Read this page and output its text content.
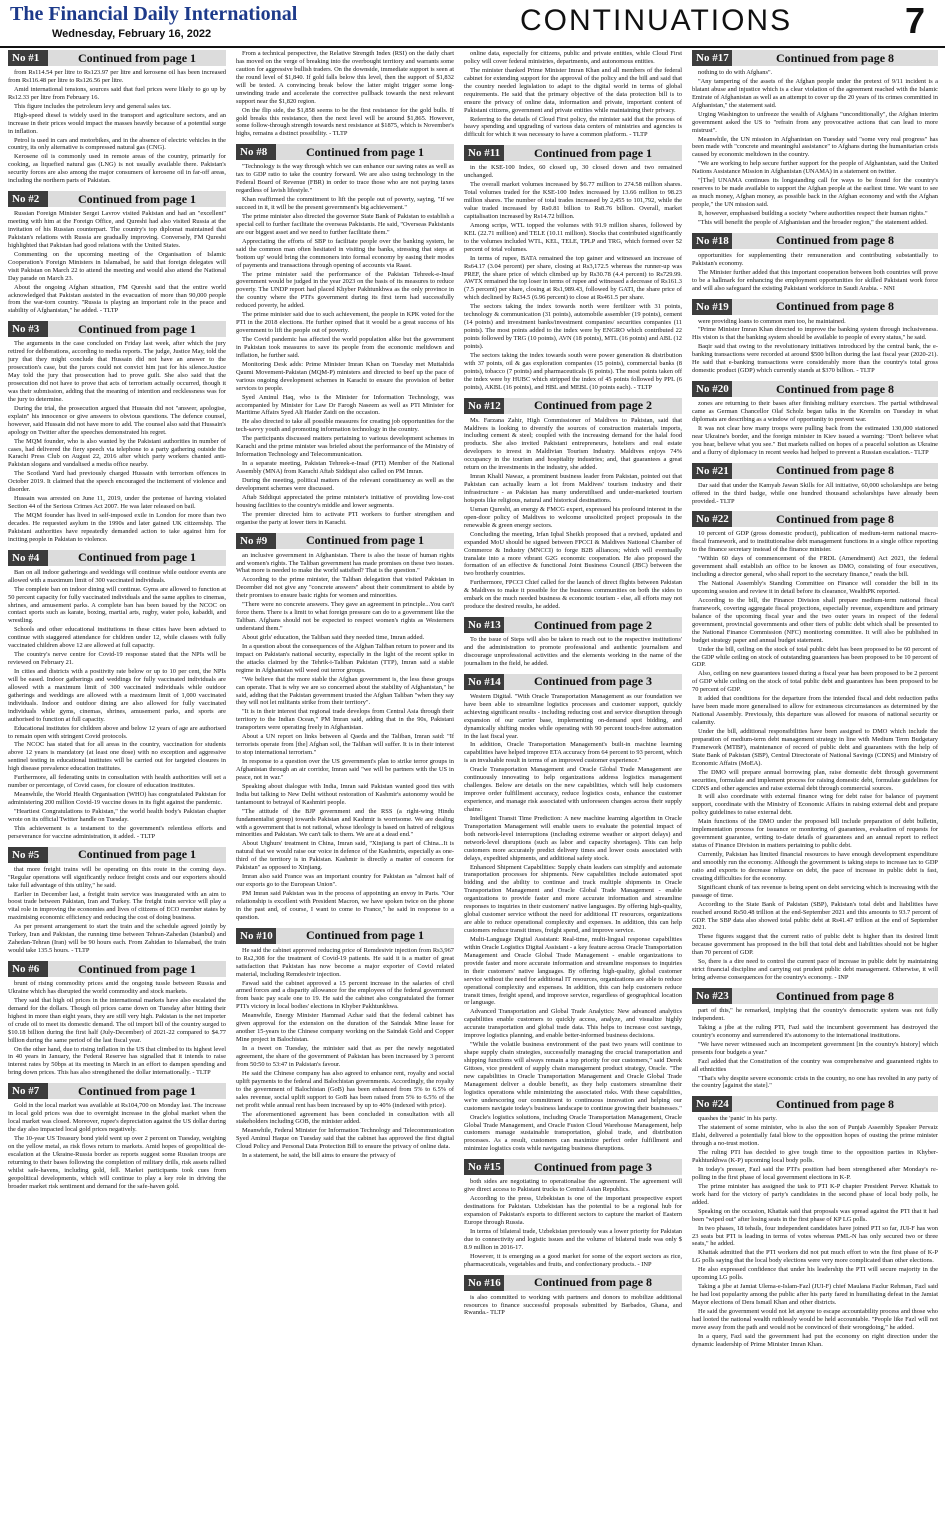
The Financial Daily International
Wednesday, February 16, 2022	CONTINUATIONS	7
No #1	Continued from page 1

from Rs114.54 per litre to Rs123.97 per litre and kerosene oil has been increased from Rs116.48 per litre to Rs126.56 per litre.

Amid international tensions, sources said that fuel prices were likely to go up by Rs12.33 per litre from February 16.

This figure includes the petroleum levy and general sales tax.

High-speed diesel is widely used in the transport and agriculture sectors, and an increase in their prices would impact the masses heavily because of a potential surge in inflation.

Petrol is used in cars and motorbikes, and in the absence of electric vehicles in the country, its only alternative is compressed natural gas (CNG).

Kerosene oil is commonly used in remote areas of the country, primarily for cooking, as liquefied natural gas (LNG) is not usually available there. Pakistan's security forces are also among the major consumers of kerosene oil in far-off areas, including the northern parts of Pakistan.

No #2	Continued from page 1

Russian Foreign Minister Sergei Lavrov visited Pakistan and had an "excellent" meeting with him at the Foreign Office, and Qureshi had also visited Russia at the invitation of his Russian counterpart. The country's top diplomat maintained that Pakistan's relations with Russia are gradually improving. Conversely, FM Qureshi highlighted that Pakistan had good relations with the United States.

Commenting on the upcoming meeting of the Organisation of Islamic Cooperation's Foreign Ministers in Islamabad, he said that foreign delegates will visit Pakistan on March 22 to attend the meeting and would also attend the National Day parade on March 23.

About the ongoing Afghan situation, FM Qureshi said that the entire world acknowledged that Pakistan assisted in the evacuation of more than 90,000 people from the war-torn country. "Russia is playing an important role in the peace and stability of Afghanistan," he added. - TLTP

No #3	Continued from page 1

The arguments in the case concluded on Friday last week, after which the jury retired for deliberations, according to media reports. The judge, Justice May, told the jury that they might conclude that Hussain did not have an answer to the prosecution's case, but the jurors could not convict him just for his silence.Justice May told the jury that prosecution had to prove guilt. She also said that the prosecution did not have to prove that acts of terrorism actually occurred, though it was their submission, adding that the meaning of intention and recklessness was for the jury to determine.

During the trial, the prosecution argued that Hussain did not "answer, apologise, explain" his innocence or give answers to obvious questions. The defence counsel, however, said Hussain did not have more to add. The counsel also said that Hussain's apology on Twitter after the speeches demonstrated his regret.

The MQM founder, who is also wanted by the Pakistani authorities in number of cases, had delivered the fiery speech via telephone to a party gathering outside the Karachi Press Club on August 22, 2016 after which party workers chanted anti-Pakistan slogans and vandalised a media office nearby.

The Scotland Yard had previously charged Hussain with terrorism offences in October 2019. It claimed that the speech encouraged the incitement of violence and disorder.

Hussain was arrested on June 11, 2019, under the pretense of having violated Section 44 of the Serious Crimes Act 2007. He was later released on bail.

The MQM founder has lived in self-imposed exile in London for more than two decades. He requested asylum in the 1990s and later gained UK citizenship. The Pakistani authorities have repeatedly demanded action to take against him for inciting people in Pakistan to violence.

No #4	Continued from page 1

Ban on all indoor gatherings and weddings will continue while outdoor events are allowed with a maximum limit of 300 vaccinated individuals.

The complete ban on indoor dining will continue. Gyms are allowed to function at 50 percent capacity for fully vaccinated individuals and the same applies to cinemas, shrines, and amusement parks. A complete ban has been issued by the NCOC on contact sports such as karate, boxing, martial arts, rugby, water polo, kabaddi, and wrestling.

Schools and other educational institutions in these cities have been advised to continue with staggered attendance for children under 12, while classes with fully vaccinated children above 12 are allowed at full capacity.

The country's nerve centre for Covid-19 response stated that the NPIs will be reviewed on February 21.

In cities and districts with a positivity rate below or up to 10 per cent, the NPIs will be eased. Indoor gatherings and weddings for fully vaccinated individuals are allowed with a maximum limit of 300 vaccinated individuals while outdoor gatherings and weddings are allowed with a maximum limit of 1,000 vaccinated individuals. Indoor and outdoor dining are also allowed for fully vaccinated individuals while gyms, cinemas, shrines, amusement parks, and sports are authorised to function at full capacity.

Educational institutes for children above and below 12 years of age are authorised to remain open with stringent Covid protocols.

The NCOC has stated that for all areas in the country, vaccination for students above 12 years is mandatory (at least one dose) with no exception and aggressive sentinel testing in educational institutes will be carried out for targeted closures in high disease prevalence education institutes.

Furthermore, all federating units in consultation with health authorities will set a number or percentage, of Covid cases, for closure of education institutes.

Meanwhile, the World Health Organisation (WHO) has congratulated Pakistan for administering 200 million Covid-19 vaccine doses in its fight against the pandemic.

"Heartiest Congratulations to Pakistan," the world health body's Pakistan chapter wrote on its official Twitter handle on Tuesday.

This achievement is a testament to the government's relentless efforts and perseverance for vaccine administration, it added. - TLTP

No #5	Continued from page 1

that more freight trains will be operating on this route in the coming days. "Regular operations will significantly reduce freight costs and our exporters should take full advantage of this utility," he said.

Earlier in December last, a freight train service was inaugurated with an aim to boost trade between Pakistan, Iran and Turkey. The freight train service will play a vital role in improving the economies and lives of citizens of ECO member states by maximising economic efficiency and reducing the cost of doing business.

As per present arrangement to start the train and the schedule agreed jointly by Turkey, Iran and Pakistan, the running time between Tehran-Zahedan (Istanbul) and Zahedan-Tehran (Iran) will be 90 hours each. From Zahidan to Islamabad, the train would take 135.5 hours. - TLTP

No #6	Continued from page 1

brunt of rising commodity prices amid the ongoing tussle between Russia and Ukraine which has disrupted the world commodity and stock markets.

They said that high oil prices in the international markets have also escalated the demand for the dollars. Though oil prices came down on Tuesday after hitting their highest in more than eight years, they are still very high. Pakistan is the net importer of crude oil to meet its domestic demand. The oil import bill of the country surged to $10.18 billion during the first half (July-December) of 2021-22 compared to $4.77 billion during the same period of the last fiscal year.

On the other hand, due to rising inflation in the US that climbed to its highest level in 40 years in January, the Federal Reserve has signalled that it intends to raise interest rates by 50bps at its meeting in March in an effort to dampen spending and bring down prices. This has also strengthened the dollar internationally. - TLTP

No #7	Continued from page 1

Gold in the local market was available at Rs104,700 on Monday last. The increase in local gold prices was due to overnight increase in the global market when the local market was closed. Moreover, rupee's depreciation against the US dollar during the day also impacted local gold prices negatively.

The 10-year US Treasury bond yield went up over 2 percent on Tuesday, weighing on the yellow metal, as risk flows return to markets. Amid hopes of geopolitical de-escalation at the Ukraine-Russia border as reports suggest some Russian troops are returning to their bases following the completion of military drills, risk assets rallied whilst safe-havens, including gold, fell. Market participants took cues from geopolitical developments, which will continue to play a key role in driving the broader market risk sentiment and demand for the safe-haven gold.

From a technical perspective, the Relative Strength Index (RSI) on the daily chart has moved on the verge of breaking into the overbought territory and warrants some caution for aggressive bullish traders. On the downside, immediate support is seen at the round level of $1,840. If gold falls below this level, then the support of $1,832 will be tested. A convincing break below the latter might trigger some long-unwinding trade and accelerate the corrective pullback towards the next relevant support near the $1,820 region.

On the flip side, the $1,858 seems to be the first resistance for the gold bulls. If gold breaks this resistance, then the next level will be around $1,865. However, some follow-through strength towards next resistance at $1875, which is November's highs, remains a distinct possibility. - TLTP

No #8	Continued from page 1

"Technology is the way through which we can enhance our saving rates as well as tax to GDP ratio to take the country forward. We are also using technology in the Federal Board of Revenue (FBR) in order to trace those who are not paying taxes regardless of lavish lifestyle."

Khan reaffirmed the commitment to lift the people out of poverty, saying, "If we succeed in it, it will be the present government's big achievement."

The prime minister also directed the governor State Bank of Pakistan to establish a special cell to further facilitate the overseas Pakistanis. He said, "Overseas Pakistanis are our biggest asset and we need to further facilitate them."

Appreciating the efforts of SBP to facilitate people over the banking system, he said the common man often hesitated in visiting the banks, stressing that steps at 'bottom up' would bring the commoners into formal economy by easing their modes of payments and transactions through opening of accounts via Raast.

The prime minister said the performance of the Pakistan Tehreek-e-Insaf government would be judged in the year 2023 on the basis of its measures to reduce poverty. The UNDP report had placed Khyber Pakhtunkhwa as the only province in the country where the PTI's government during its first term had successfully reduced poverty, he added.

The prime minister said due to such achievement, the people in KPK voted for the PTI in the 2018 elections. He further opined that it would be a great success of his government to lift the people out of poverty.

The Covid pandemic has affected the world population alike but the government in Pakistan took measures to save its people from the economic meltdown and inflation, he further said.

Monitoring Desk adds: Prime Minister Imran Khan on Tuesday met Muttahida Qaumi Movement-Pakistan (MQM-P) ministers and directed to beef up the pace of various ongoing development schemes in Karachi to ensure the provision of better services to people.

Syed Aminul Haq, who is the Minister for Information Technology, was accompanied by Minister for Law Dr Farogh Naseem as well as PTI Minister for Maritime Affairs Syed Ali Haider Zaidi on the occasion.

He also directed to take all possible measures for creating job opportunities for the tech-savvy youth and promoting information technology in the country.

The participants discussed matters pertaining to various development schemes in Karachi and the prime minister was briefed about the performance of the Ministry of Information Technology and Telecommunication.

In a separate meeting, Pakistan Tehreek-e-Insaf (PTI) Member of the National Assembly (MNA) from Karachi Aftab Siddiqui also called on PM Imran.

During the meeting, political matters of the relevant constituency as well as the development schemes were discussed.

Aftab Siddiqui appreciated the prime minister's initiative of providing low-cost housing facilities to the country's middle and lower segments.

The premier directed him to activate PTI workers to further strengthen and organise the party at lower tiers in Karachi.

No #9	Continued from page 1

an inclusive government in Afghanistan. There is also the issue of human rights and women's rights. The Taliban government has made promises on these two issues. What more is needed to make the world satisfied? That is the question."

According to the prime minister, the Taliban delegation that visited Pakistan in December did not give any "concrete answers" about their commitment to abide by their promises to ensure basic rights for women and minorities.

"There were no concrete answers. They gave an agreement in principle...You can't force them. There is a limit to what foreign pressure can do to a government like the Taliban. Afghans should not be expected to respect women's rights as Westerners understand them."

About girls' education, the Taliban said they needed time, Imran added.

In a question about the consequences of the Afghan Taliban return to power and its impact on Pakistan's national security, especially in the light of the recent spike in the attacks claimed by the Tehrik-i-Taliban Pakistan (TTP), Imran said a stable regime in Afghanistan will weed out terror groups.

"We believe that the more stable the Afghan government is, the less these groups can operate. That is why we are so concerned about the stability of Afghanistan," he said, adding that the Pakistan government trusted the Afghan Taliban "when they say they will not let militants strike from their territory".

"It is in their interest that regional trade develops from Central Asia through their territory to the Indian Ocean," PM Imran said, adding that in the 90s, Pakistani transporters were operating freely in Afghanistan.

About a UN report on links between al Qaeda and the Taliban, Imran said: "If terrorists operate from [the] Afghan soil, the Taliban will suffer. It is in their interest to stop international terrorism."

In response to a question over the US government's plan to strike terror groups in Afghanistan through an air corridor, Imran said "we will be partners with the US in peace, not in war."

Speaking about dialogue with India, Imran said Pakistan wanted good ties with India but talking to New Delhi without restoration of Kashmir's autonomy would be tantamount to betrayal of Kashmiri people.

"The attitude of the BJP government and the RSS (a right-wing Hindu fundamentalist group) towards Pakistan and Kashmir is worrisome. We are dealing with a government that is not rational, whose ideology is based on hatred of religious minorities and Pakistan. We can't talk to them. We are at a dead end."

About Uighurs' treatment in China, Imran said, "Xinjiang is part of China...It is natural that we would raise our voice in defence of the Kashmiris, especially as one-third of the territory is in Pakistan. Kashmir is directly a matter of concern for Pakistan" as opposed to Xinjiang.

Imran also said France was an important country for Pakistan as "almost half of our exports go to the European Union".

PM Imran said Pakistan was in the process of appointing an envoy in Paris. "Our relationship is excellent with President Macron, we have spoken twice on the phone in the past and, of course, I want to come to France," he said in response to a question.

No #10	Continued from page 1

He said the cabinet approved reducing price of Remdesivir injection from Rs3,967 to Rs2,308 for the treatment of Covid-19 patients. He said it is a matter of great satisfaction that Pakistan has now become a major exporter of Covid related material, including Remdesivir injection.

Fawad said the cabinet approved a 15 percent increase in the salaries of civil armed forces and a disparity allowance for the employees of the federal government from basic pay scale one to 19. He said the cabinet also congratulated the former PTI's victory in local bodies' elections in Khyber Pakhtunkhwa.

Meanwhile, Energy Minister Hammad Azhar said that the federal cabinet has given approval for the extension on the duration of the Saindak Mine lease for another 15-years to the Chinese company working on the Saindak Gold and Copper Mine project in Balochistan.

In a tweet on Tuesday, the minister said that as per the newly negotiated agreement, the share of the government of Pakistan has been increased by 3 percent from 50:50 to 53:47 in Pakistan's favour.

He said the Chinese company has also agreed to enhance rent, royalty and social uplift payments to the federal and Balochistan governments. Accordingly, the royalty to the government of Balochistan (GoB) has been enhanced from 5% to 6.5% of sales revenue, social uplift support to GoB has been raised from 5% to 6.5% of the net profit while annual rent has been increased by up to 40% (indexed with price).

The aforementioned agreement has been concluded in consultation with all stakeholders including GOB, the minister added.

Meanwhile, Federal Minister for Information Technology and Telecommunication Syed Aminul Haque on Tuesday said that the cabinet has approved the first digital Cloud Policy and Personal Data Protection Bill to ensure the privacy of online data.

In a statement, he said, the bill aims to ensure the privacy of

online data, especially for citizens, public and private entities, while Cloud First policy will cover federal ministries, departments, and autonomous entities.

The minister thanked Prime Minister Imran Khan and all members of the federal cabinet for extending support for the approval of the policy and the bill and said that the country needed legislation to adapt to the digital world in terms of global requirements. He said that the primary objective of the data protection bill is to ensure the privacy of online data, information and private, important content of Pakistani citizens, government and private entities while maintaining their privacy.

Referring to the details of Cloud First policy, the minister said that the process of heavy spending and upgrading of various data centers of ministries and agencies is difficult for which it was necessary to have a common platform. - TLTP

No #11	Continued from page 1

in the KSE-100 Index, 60 closed up, 30 closed down and two remained unchanged.

The overall market volumes increased by $6.77 million to 274.58 million shares. Total volumes traded for the KSE-100 Index increased by 13.66 million to 98.23 million shares. The number of total trades increased by 2,455 to 101,792, while the value traded increased by Rs0.81 billion to Rs8.76 billion. Overall, market capitalisation increased by Rs14.72 billion.

Among scrips, WTL topped the volumes with 91.9 million shares, followed by KEL (22.71 million) and TELE (10.11 million). Stocks that contributed significantly to the volumes included WTL, KEL, TELE, TPLP and TRG, which formed over 52 percent of total volumes.

In terms of rupee, BATA remained the top gainer and witnessed an increase of Rs64.17 (3.04 percent) per share, closing at Rs3,172.5 whereas the runner-up was PREF, the share price of which climbed up by Rs30.78 (4.4 percent) to Rs729.99. AWTX remained the top loser in terms of rupee and witnessed a decrease of Rs161.3 (7.5 percent) per share, closing at Rs1,989.43, followed by GATI, the share price of which declined by Rs34.5 (6.96 percent) to close at Rs461.5 per share.

The sectors taking the index towards north were fertilizer with 31 points, technology & communication (31 points), automobile assembler (19 points), cement (14 points) and investment banks/investment companies/ securities companies (11 points). The most points added to the index were by ENGRO which contributed 22 points followed by TRG (10 points), AVN (18 points), MTL (16 points) and ABL (12 points).

The sectors taking the index towards south were power generation & distribution with 37 points, oil & gas exploration companies (15 points), commercial banks (8 points), tobacco (7 points) and pharmaceuticals (6 points). The most points taken off the index were by HUBC which stripped the index of 45 points followed by PPL (6 points), AKBL (16 points), and HBL and MEBL (10 points each). - TLTP

No #12	Continued from page 2

Ms. Farzana Zahir, High Commissioner of Maldives to Pakistan, said that Maldives is looking to diversify the sources of construction materials imports, including cement & steel; coupled with the increasing demand for the halal food products. She also invited Pakistani entrepreneurs, hoteliers and real estate developers to invest in Maldivian Tourism Industry. Maldives enjoys 74% occupancy in the tourism and hospitality industries; and, that guarantees a great return on the investments in the industry, she added.

Imran Khalil Nawaz, a prominent business leader from Pakistan, pointed out that Pakistan can actually learn a lot from Maldives' tourism industry and their infrastructure - as Pakistan has many underutilised and under-marketed tourism hotspots like religious, natural and historical destinations.

Usman Qureshi, an energy & FMCG expert, expressed his profound interest in the open-door policy of Maldives to welcome unsolicited project proposals in the renewable & green energy sectors.

Concluding the meeting, Irfan Iqbal Sheikh proposed that a revised, updated and expanded MoU should be signed between FPCCI & Maldives National Chamber of Commerce & Industry (MNCCI) to forge B2B alliances; which will eventually translate into a more vibrant G2G economic cooperation. He also proposed the formation of an effective & functional Joint Business Council (JBC) between the two brotherly countries.

Furthermore, FPCCI Chief called for the launch of direct flights between Pakistan & Maldives to make it possible for the business communities on both the sides to embark on the much needed business & economic tourism - else, all efforts may not produce the desired results, he added.

No #13	Continued from page 2

To the issue of Steps will also be taken to reach out to the respective institutions' and the administration to promote professional and authentic journalism and discourage unprofessional activities and the elements working in the name of the journalism in the field, he added.

No #14	Continued from page 3

Western Digital. "With Oracle Transportation Management as our foundation we have been able to streamline logistics processes and customer support, quickly achieving significant results - including reducing cost and service disruption through expansion of our carrier base, implementing on-demand spot bidding, and dynamically shifting modes while operating with 90 percent touch-free automation in the last fiscal year.

In addition, Oracle Transportation Management's built-in machine learning capabilities have helped improve ETA accuracy from 64 percent to 93 percent, which is an invaluable result in terms of an improved customer experience."

Oracle Transportation Management and Oracle Global Trade Management are continuously innovating to help organizations address logistics management challenges. Below are details on the new capabilities, which will help customers improve order fulfillment accuracy, reduce logistics costs, enhance the customer experience, and manage risk associated with unforeseen changes across their supply chains:

Intelligent Transit Time Prediction: A new machine learning algorithm in Oracle Transportation Management will enable users to evaluate the potential impact of both network-level interruptions (including extreme weather or airport delays) and network-level disruptions (such as labor and capacity shortages). This can help customers more accurately predict delivery times and lower costs associated with delays, expedited shipments, and additional safety stock.

Enhanced Shipment Capabilities: Supply chain leaders can simplify and automate transportation processes for shipments. New capabilities include automated spot bidding and the ability to continue and track multiple shipments in Oracle Transportation Management and Oracle Global Trade Management - enable organizations to provide faster and more accurate information and streamline responses to inquiries in their customers' native languages. By offering high-quality, global customer service without the need for additional IT resources, organizations are able to reduce operational complexity and expenses. In addition, this can help customers reduce transit times, freight spend, and improve service.

Multi-Language Digital Assistant: Real-time, multi-lingual response capabilities within Oracle Logistics Digital Assistant - a key feature across Oracle Transportation Management and Oracle Global Trade Management - enable organizations to provide faster and more accurate information and streamline responses to inquiries in their customers' native languages. By offering high-quality, global customer service without the need for additional IT resources, organizations are able to reduce operational complexity and expenses. In addition, this can help customers reduce transit times, freight spend, and improve service, regardless of geographical location or language.

Advanced Transportation and Global Trade Analytics: New advanced analytics capabilities enable customers to quickly access, analyze, and visualize highly accurate transportation and global trade data. This helps to increase cost savings, improve logistics planning, and enable better-informed business decisions.

"While the volatile business environment of the past two years will continue to shape supply chain strategies, successfully managing the crucial transportation and shipping functions will always remain a top priority for our customers," said Derek Gittoes, vice president of supply chain management product strategy, Oracle. "The new capabilities in Oracle Transportation Management and Oracle Global Trade Management deliver a double benefit, as they help customers streamline their logistics operations while minimizing the associated risks. With these capabilities, we're underscoring our commitment to continuous innovation and helping our customers navigate today's business landscape to continue growing their businesses."

Oracle's logistics solutions, including Oracle Transportation Management, Oracle Global Trade Management, and Oracle Fusion Cloud Warehouse Management, help customers manage sustainable transportation, global trade, and distribution processes. As a result, customers can maximize perfect order fulfillment and minimize logistics costs while navigating business disruptions.

No #15	Continued from page 3

both sides are negotiating to operationalise the agreement. The agreement will give direct access to Pakistani trucks to Central Asian Republics.

According to the press, Uzbekistan is one of the important prospective export destinations for Pakistan. Uzbekistan has the potential to be a regional hub for expansion of Pakistan's exports to different sectors to capture the market of Eastern Europe through Russia.

In terms of bilateral trade, Uzbekistan previously was a lower priority for Pakistan due to connectivity and logistic issues and the volume of bilateral trade was only $ 8.9 million in 2016-17.

However, it is emerging as a good market for some of the export sectors as rice, pharmaceuticals, vegetables and fruits, and confectionary products. - INP

No #16	Continued from page 8

is also committed to working with partners and donors to mobilize additional resources to finance successful proposals submitted by Barbados, Ghana, and Rwanda.- TLTP

No #17	Continued from page 8

nothing to do with Afghans".

"Any tampering of the assets of the Afghan people under the pretext of 9/11 incident is a blatant abuse and injustice which is a clear violation of the agreement reached with the Islamic Emirate of Afghanistan as well as an attempt to cover up the 20 years of its crimes committed in Afghanistan," the statement said.

Urging Washington to unfreeze the wealth of Afghans "unconditionally", the Afghan interim government asked the US to "refrain from any provocative actions that can lead to more mistrust".

Meanwhile, the UN mission in Afghanistan on Tuesday said "some very real progress" has been made with "concrete and meaningful assistance" to Afghans during the humanitarian crisis caused by economic meltdown in the country.

"We are working to help secure further support for the people of Afghanistan, said the United Nations Assistance Mission in Afghanistan (UNAMA) in a statement on twitter.

"[The] UNAMA continues its longstanding call for ways to be found for the country's reserves to be made available to support the Afghan people at the earliest time. We want to see as much money, Afghan money, as possible back in the Afghan economy and with the Afghan people," the UN mission said.

It, however, emphasised building a society "where authorities respect their human rights."

"This will benefit the people of Afghanistan and the broader region," the statement added.

No #18	Continued from page 8

opportunities for supplementing their remuneration and contributing substantially to Pakistan's economy.

The Minister further added that this important cooperation between both countries will prove to be a hallmark for enhancing the employment opportunities for skilled Pakistani work force and will also safeguard the existing Pakistani workforce in Saudi Arabia. - NNI

No #19	Continued from page 8

were providing loans to common men too, he maintained.

"Prime Minister Imran Khan directed to improve the banking system through inclusiveness. His vision is that the banking system should be available to people of every status," he said.

Baqir said that owing to the revolutionary initiatives introduced by the central bank, the e-banking transactions were recorded at around $500 billion during the last fiscal year (2020-21). He said that e-banking transactions were considerably more than the country's total gross domestic product (GDP) which currently stands at $370 billion. - TLTP

No #20	Continued from page 8

zones are returning to their bases after finishing military exercises. The partial withdrawal came as German Chancellor Olaf Scholz began talks in the Kremlin on Tuesday in what diplomats are describing as a window of opportunity to prevent war.

It was not clear how many troops were pulling back from the estimated 130,000 stationed near Ukraine's border, and the foreign minister in Kiev issued a warning: "Don't believe what you hear, believe what you see." But markets rallied on hopes of a peaceful solution as Ukraine and a flurry of diplomacy in recent weeks had helped to prevent a Russian escalation.- TLTP

No #21	Continued from page 8

Dar said that under the Kamyab Jawan Skills for All initiative, 60,000 scholarships are being offered in the third badge, while one hundred thousand scholarships have already been provided.- TLTP

No #22	Continued from page 8

10 percent of GDP (gross domestic product), publication of medium-term national macro-fiscal framework, and to institutionalise debt management functions in a single office reporting to the finance secretary instead of the finance minister.

"Within 60 days of commencement of the FRDL (Amendment) Act 2021, the federal government shall establish an office to be known as DMO, consisting of four executives, including a director general, who shall report to the secretary finance," reads the bill.

The National Assembly's Standing Committee on Finance will consider the bill in its upcoming session and review it in detail before its clearance, WealthPK reported.

According to the bill, the Finance Division shall prepare medium-term national fiscal framework, covering aggregate fiscal projections, especially revenue, expenditure and primary balance of the upcoming fiscal year and the two outer years in respect of the federal government, provincial governments and other tiers of public debt which shall be presented to the National Finance Commission (NFC) monitoring committee. It will also be published in budget strategy paper and annual budget statement.

Under the bill, ceiling on the stock of total public debt has been proposed to be 60 percent of the GDP while ceiling on stock of outstanding guarantees has been proposed to be 10 percent of GDP.

Also, ceiling on new guarantees issued during a fiscal year has been proposed to be 2 percent of GDP while ceiling on the stock of total public debt and guarantees has been proposed to be 70 percent of GDP.

It added that conditions for the departure from the intended fiscal and debt reduction paths have been made more generalised to allow for extraneous circumstances as determined by the National Assembly. Previously, this departure was allowed for reasons of national security or calamity.

Under the bill, additional responsibilities have been assigned to DMO which include the preparation of medium-term debt management strategy in line with Medium Term Budgetary Framework (MTBF), maintenance of record of public debt and guarantees with the help of State Bank of Pakistan (SBP), Central Directorate of National Savings (CDNS) and Ministry of Economic Affairs (MoEA).

The DMO will prepare annual borrowing plan, raise domestic debt through government securities, formulate and implement process for raising domestic debt, formulate guidelines for CDNS and other agencies and raise external debt through commercial sources.

It will also coordinate with external finance wing for debt raise for balance of payment support, coordinate with the Ministry of Economic Affairs in raising external debt and prepare policy guidelines to raise external debt.

Main functions of the DMO under the proposed bill include preparation of debt bulletin, implementation process for issuance or monitoring of guarantees, evaluation of requests for government guarantee, writing to-date details of guarantees and an annual report to reflect status of Finance Division in matters pertaining to public debt.

Currently, Pakistan has limited financial resources to have enough development expenditure and smoothly run the economy. Although the government is taking steps to increase tax to GDP ratio and exports to decrease reliance on debt, the pace of increase in public debt is fast, creating difficulties for the economy.

Significant chunk of tax revenue is being spent on debt servicing which is increasing with the passage of time.

According to the State Bank of Pakistan (SBP), Pakistan's total debt and liabilities have reached around Rs50.48 trillion at the end-September 2021 and this amounts to 93.7 percent of GDP. The SBP data also showed total public debt at Rs41.47 trillion at the end of September 2021.

These figures suggest that the current ratio of public debt is higher than its desired limit because government has proposed in the bill that total debt and liabilities should not be higher than 70 percent of GDP.

So, there is a dire need to control the current pace of increase in public debt by maintaining strict financial discipline and carrying out prudent public debt management. Otherwise, it will bring adverse consequences for the country's economy. - INP

No #23	Continued from page 8

part of this," he remarked, implying that the country's democratic system was not fully independent.

Taking a jibe at the ruling PTI, Fazl said the incumbent government has destroyed the country's economy and surrendered it's autonomy to the international institutions.

"We have never witnessed such an incompetent government [in the country's history] which presents four budgets a year."

Fazl added that the Constitution of the country was comprehensive and guaranteed rights to all ethnicities

"That's why despite severe economic crisis in the country, no one has revolted in any party of the country [against the state]."

No #24	Continued from page 8

quashes the 'panic' in his party.

The statement of some minister, who is also the son of Punjab Assembly Speaker Pervaiz Elahi, delivered a potentially fatal blow to the opposition hopes of ousting the prime minister through a no-trust motion.

The ruling PTI has decided to give tough time to the opposition parties in Khyber-Pakhtunkhwa (K-P) upcoming local body polls.

In today's presser, Fazl said the PTI's position had been strengthened after Monday's re-polling in the first phase of local government elections in K-P.

The prime minister has assigned the task to PTI K-P chapter President Pervez Khattak to work hard for the victory of party's candidates in the second phase of local body polls, he added.

Speaking on the occasion, Khattak said that proposals was spread against the PTI that it had been "wiped out" after losing seats in the first phase of KP LG polls.

In two phases, 18 tehsils, four independent candidates have joined PTI so far, JUI-F has won 23 seats but PTI is leading in terms of votes whereas PML-N has only secured two or three seats," he added.

Khattak admitted that the PTI workers did not put much effort to win the first phase of K-P LG polls saying that the local body elections were very more complicated than other elections.

He also expressed confidence that under his leadership the PTI will secure majority in the upcoming LG polls.

Taking a jibe at Jamiat Ulema-e-Islam-Fazl (JUI-F) chief Maulana Fazlur Rehman, Fazl said he had lost popularity among the public after his party fared in humiliating defeat in the Jamiat Mayor elections of Dera Ismail Khan and other districts.

He said the government would not let anyone to escape accountability process and those who had looted the national wealth ruthlessly would be held accountable. "People like Fazl will not move away from the path and would not be convinced of their wrongdoing," he added.

In a query, Fazl said the government had put the economy on right direction under the dynamic leadership of Prime Minister Imran Khan.
